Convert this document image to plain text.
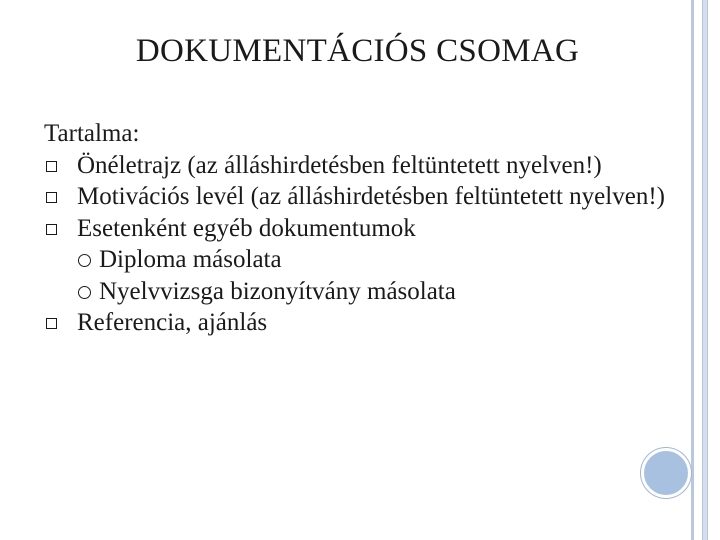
DOKUMENTÁCIÓS CSOMAG

Tartalma:

Önéletrajz (az álláshirdetésben feltüntetett nyelven!)

Motivációs levél (az álláshirdetésben feltüntetett nyelven!)

Esetenként egyéb dokumentumok

Diploma másolata

Nyelvvizsga bizonyítvány másolata

Referencia, ajánlás
